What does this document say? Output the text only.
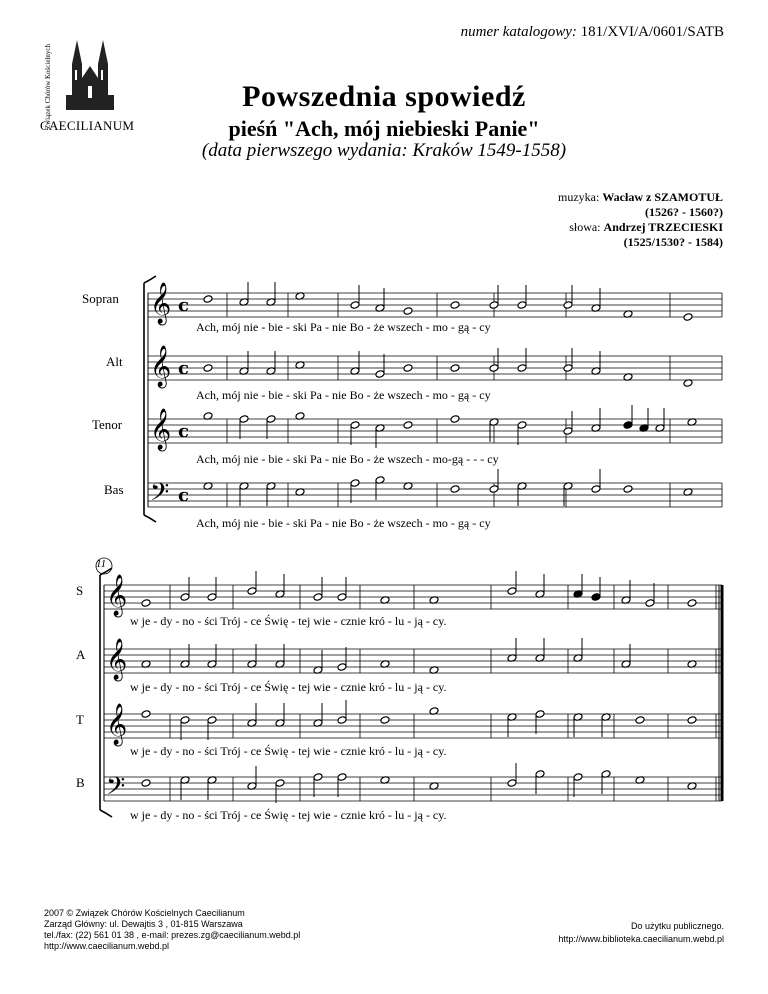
numer katalogowy: 181/XVI/A/0601/SATB
Związek Chórów Kościelnych
CAECILIANUM
Powszednia spowiedź
pieśń "Ach, mój niebieski Panie"
(data pierwszego wydania: Kraków 1549-1558)
muzyka: Wacław z SZAMOTUŁ
(1526? - 1560?)
słowa: Andrzej TRZECIESKI
(1525/1530? - 1584)
𝄞 c
𝄞 c
𝄞 c
𝄢 c
𝄞
𝄞
𝄞
𝄢
Sopran
Alt
Tenor
Bas
Ach, mój nie - bie - ski Pa - nie Bo - że wszech - mo - gą - cy
Ach, mój nie - bie - ski Pa - nie Bo - że wszech - mo - gą - cy
Ach, mój nie - bie - ski Pa - nie Bo - że wszech - mo-gą - - - cy
Ach, mój nie - bie - ski Pa - nie Bo - że wszech - mo - gą - cy
11
S
A
T
B
w je - dy - no - ści Trój - ce Świę - tej wie - cznie kró - lu - ją - cy.
w je - dy - no - ści Trój - ce Świę - tej wie - cznie kró - lu - ją - cy.
w je - dy - no - ści Trój - ce Świę - tej wie - cznie kró - lu - ją - cy.
w je - dy - no - ści Trój - ce Świę - tej wie - cznie kró - lu - ją - cy.
2007 © Związek Chórów Kościelnych Caecilianum
Zarząd Główny: ul. Dewajtis 3 , 01-815 Warszawa
tel./fax: (22) 561 01 38 , e-mail: prezes.zg@caecilianum.webd.pl
http://www.caecilianum.webd.pl
Do użytku publicznego.
http://www.biblioteka.caecilianum.webd.pl
